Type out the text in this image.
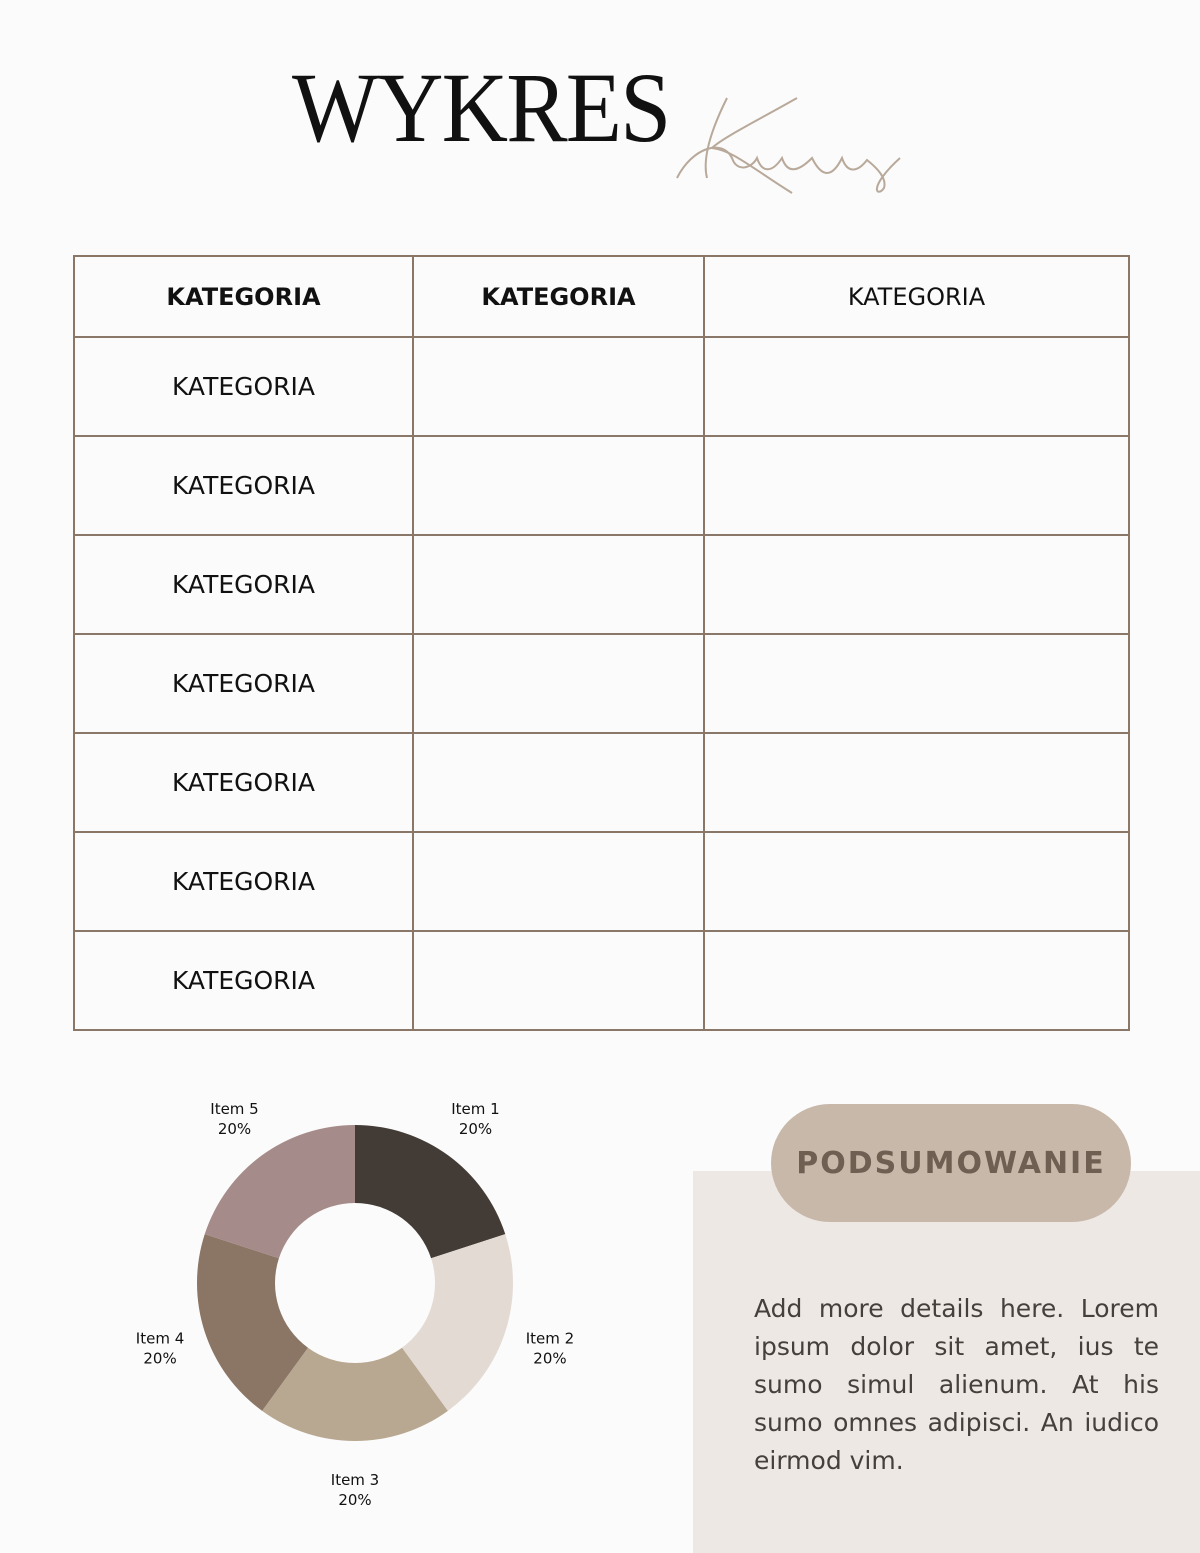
WYKRES
KATEGORIA	KATEGORIA	KATEGORIA
KATEGORIA		
KATEGORIA		
KATEGORIA		
KATEGORIA		
KATEGORIA		
KATEGORIA		
KATEGORIA		
Item 1
20%
Item 2
20%
Item 3
20%
Item 4
20%
Item 5
20%
PODSUMOWANIE

Add more details here. Lorem ipsum dolor sit amet, ius te sumo simul alienum. At his sumo omnes adipisci. An iudico eirmod vim.
